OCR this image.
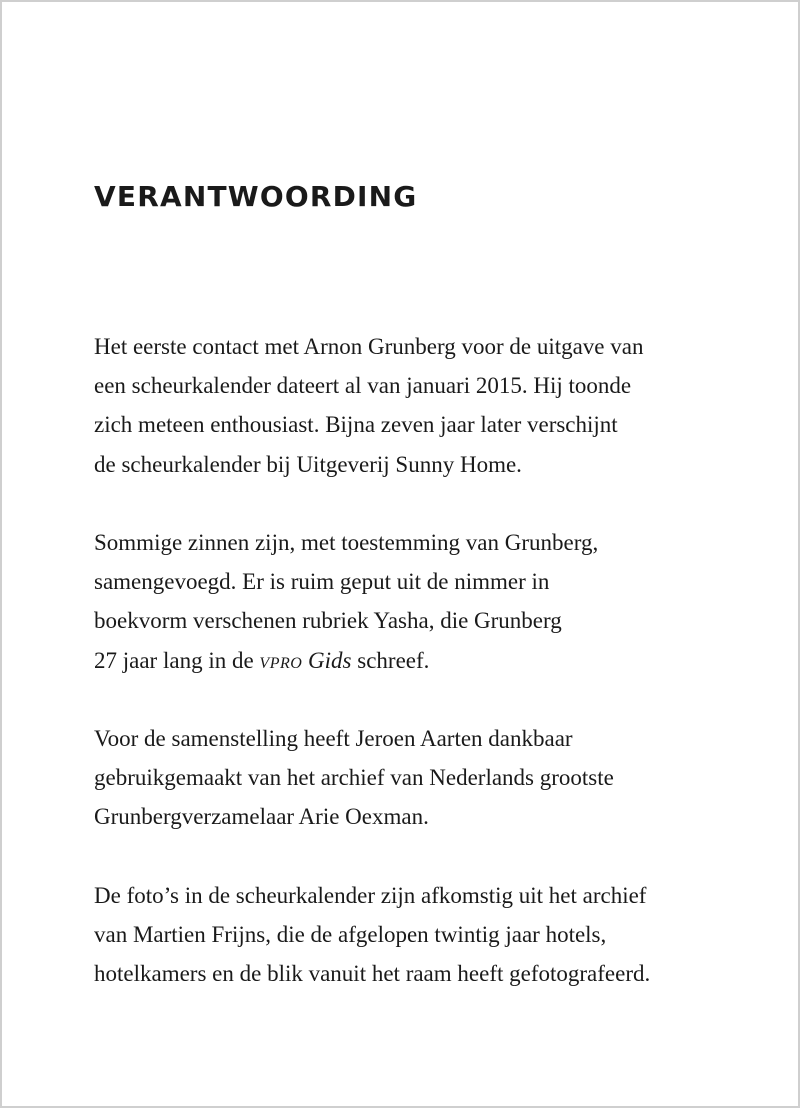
VERANTWOORDING

Het eerste contact met Arnon Grunberg voor de uitgave van
een scheurkalender dateert al van januari 2015. Hij toonde
zich meteen enthousiast. Bijna zeven jaar later verschijnt
de scheurkalender bij Uitgeverij Sunny Home.

Sommige zinnen zijn, met toestemming van Grunberg,
samengevoegd. Er is ruim geput uit de nimmer in
boekvorm verschenen rubriek Yasha, die Grunberg
27 jaar lang in de vpro Gids schreef.

Voor de samenstelling heeft Jeroen Aarten dankbaar
gebruikgemaakt van het archief van Nederlands grootste
Grunbergverzamelaar Arie Oexman.

De foto’s in de scheurkalender zijn afkomstig uit het archief
van Martien Frijns, die de afgelopen twintig jaar hotels,
hotelkamers en de blik vanuit het raam heeft gefotografeerd.
